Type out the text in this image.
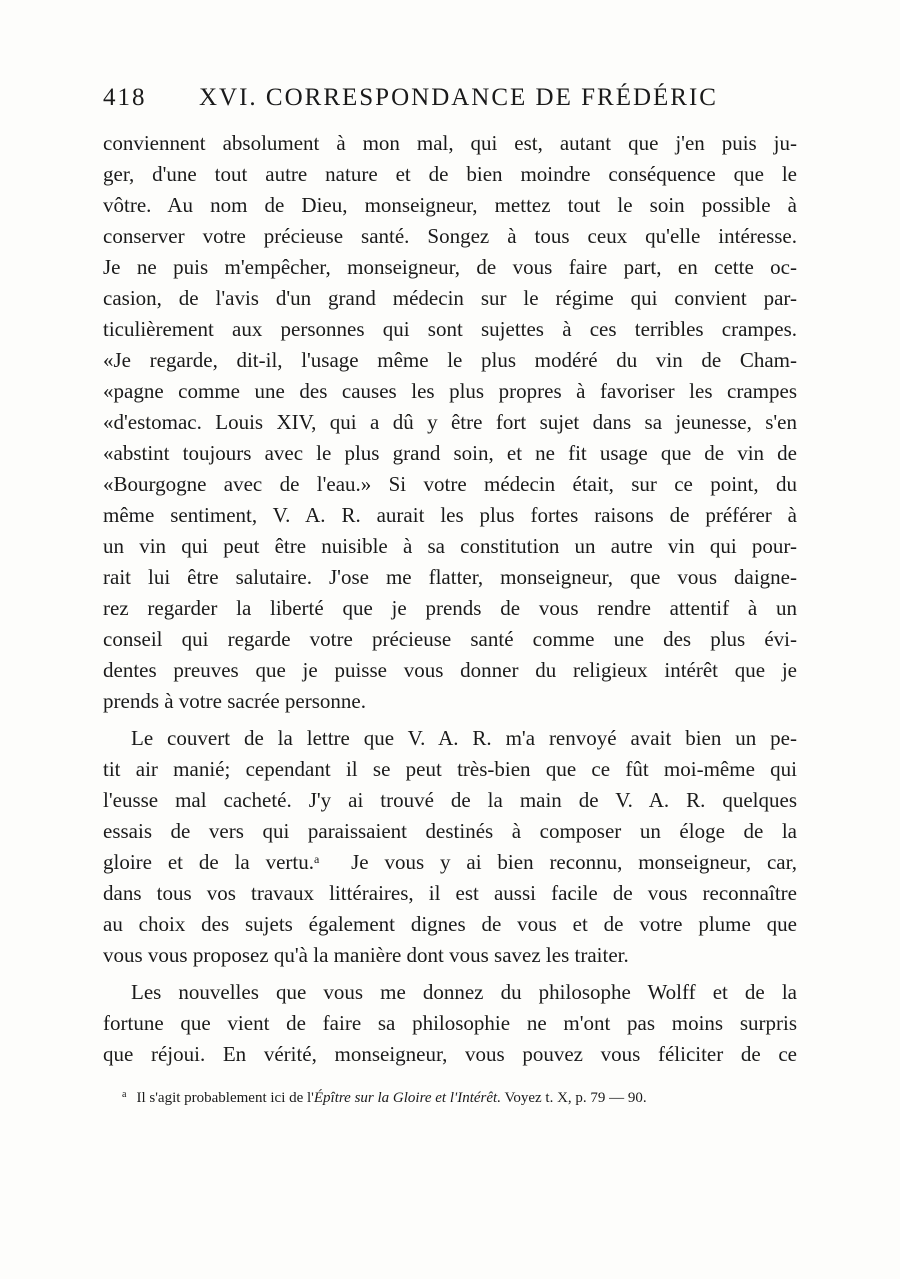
418 XVI. CORRESPONDANCE DE FRÉDÉRIC
conviennent absolument à mon mal, qui est, autant que j'en puis ju-
ger, d'une tout autre nature et de bien moindre conséquence que le
vôtre. Au nom de Dieu, monseigneur, mettez tout le soin possible à
conserver votre précieuse santé. Songez à tous ceux qu'elle intéresse.
Je ne puis m'empêcher, monseigneur, de vous faire part, en cette oc-
casion, de l'avis d'un grand médecin sur le régime qui convient par-
ticulièrement aux personnes qui sont sujettes à ces terribles crampes.
«Je regarde, dit-il, l'usage même le plus modéré du vin de Cham-
«pagne comme une des causes les plus propres à favoriser les crampes
«d'estomac. Louis XIV, qui a dû y être fort sujet dans sa jeunesse, s'en
«abstint toujours avec le plus grand soin, et ne fit usage que de vin de
«Bourgogne avec de l'eau.» Si votre médecin était, sur ce point, du
même sentiment, V. A. R. aurait les plus fortes raisons de préférer à
un vin qui peut être nuisible à sa constitution un autre vin qui pour-
rait lui être salutaire. J'ose me flatter, monseigneur, que vous daigne-
rez regarder la liberté que je prends de vous rendre attentif à un
conseil qui regarde votre précieuse santé comme une des plus évi-
dentes preuves que je puisse vous donner du religieux intérêt que je
prends à votre sacrée personne.
Le couvert de la lettre que V. A. R. m'a renvoyé avait bien un pe-
tit air manié; cependant il se peut très-bien que ce fût moi-même qui
l'eusse mal cacheté. J'y ai trouvé de la main de V. A. R. quelques
essais de vers qui paraissaient destinés à composer un éloge de la
gloire et de la vertu.$^a$ Je vous y ai bien reconnu, monseigneur, car,
dans tous vos travaux littéraires, il est aussi facile de vous reconnaître
au choix des sujets également dignes de vous et de votre plume que
vous vous proposez qu'à la manière dont vous savez les traiter.
Les nouvelles que vous me donnez du philosophe Wolff et de la
fortune que vient de faire sa philosophie ne m'ont pas moins surpris
que réjoui. En vérité, monseigneur, vous pouvez vous féliciter de ce
$^a$ Il s'agit probablement ici de l'Épître sur la Gloire et l'Intérêt. Voyez t. X, p. 79 — 90.
